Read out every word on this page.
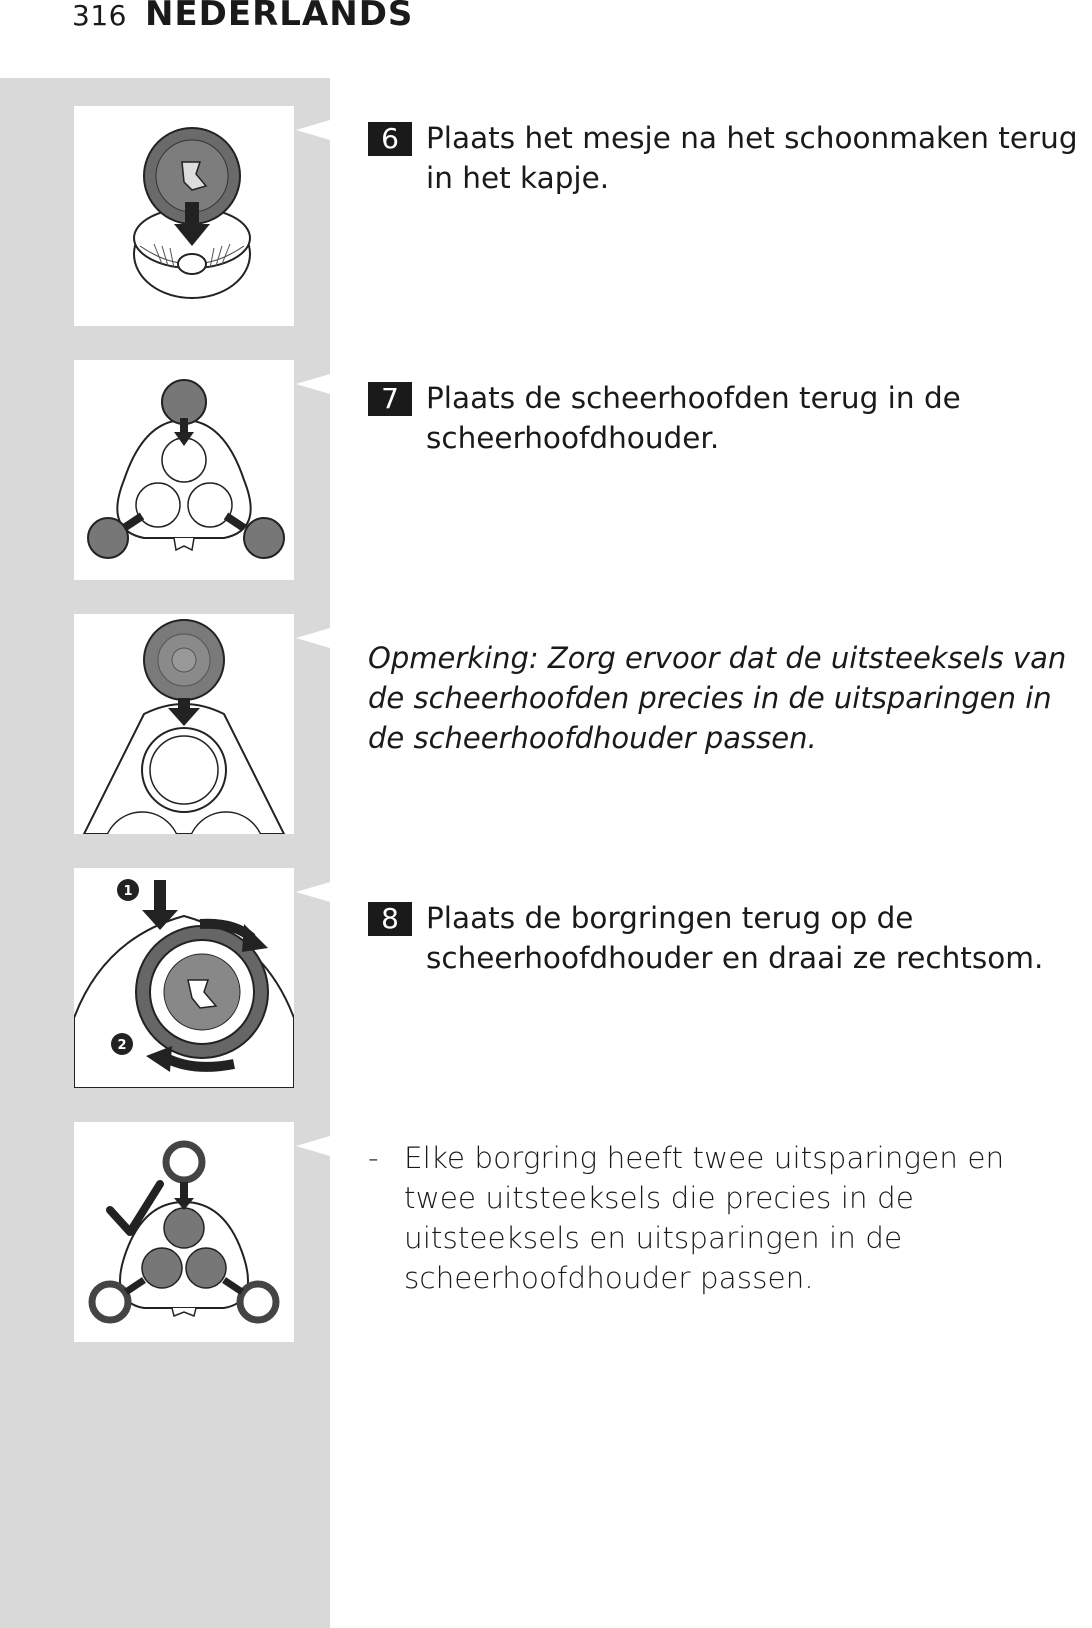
316 NEDERLANDS
1
2
6 Plaats het mesje na het schoonmaken terug in het kapje.
7 Plaats de scheerhoofden terug in de scheerhoofdhouder.
Opmerking: Zorg ervoor dat de uitsteeksels van de scheerhoofden precies in de uitsparingen in de scheerhoofdhouder passen.
8 Plaats de borgringen terug op de scheerhoofdhouder en draai ze rechtsom.
- Elke borgring heeft twee uitsparingen en twee uitsteeksels die precies in de uitsteeksels en uitsparingen in de scheerhoofdhouder passen.
